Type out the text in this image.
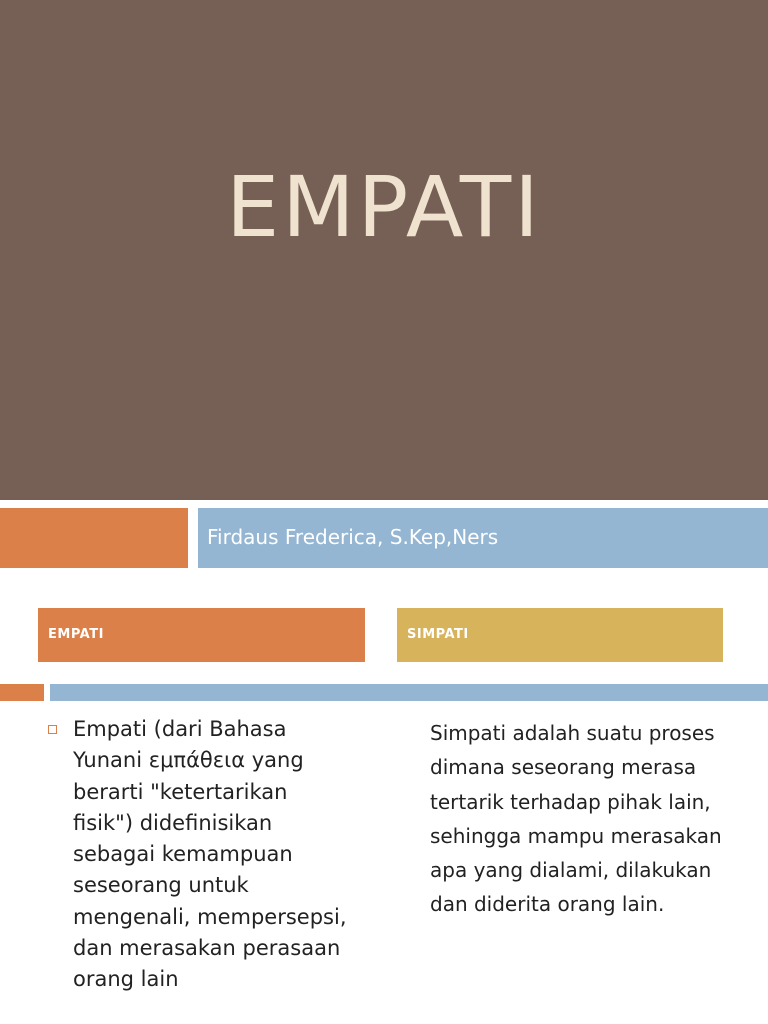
EMPATI
Firdaus Frederica, S.Kep,Ners
EMPATI	SIMPATI
Empati (dari Bahasa Yunani εμπάθεια yang berarti "ketertarikan fisik") didefinisikan sebagai kemampuan seseorang untuk mengenali, mempersepsi, dan merasakan perasaan orang lain
Simpati adalah suatu proses dimana seseorang merasa tertarik terhadap pihak lain, sehingga mampu merasakan apa yang dialami, dilakukan dan diderita orang lain.
